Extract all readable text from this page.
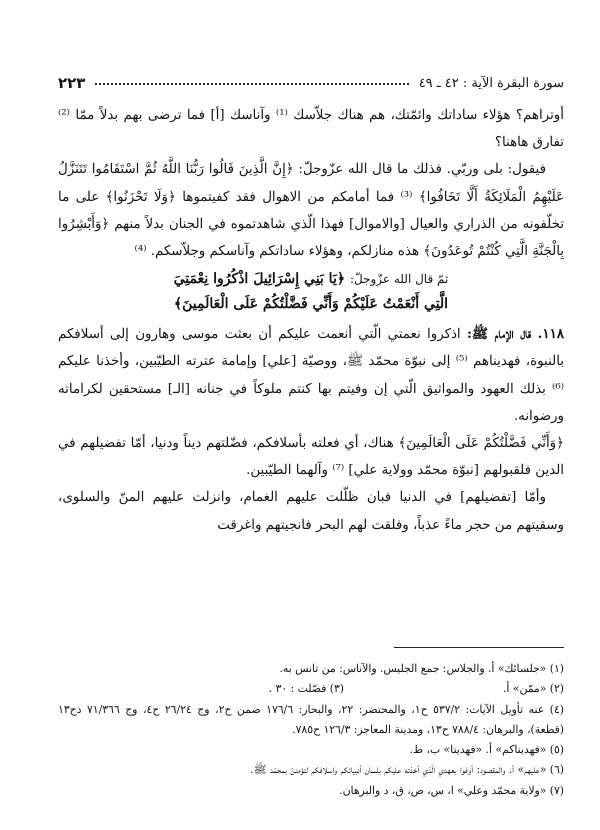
٢٢٣	سورة البقرة الآية : ٤٢ ـ ٤٩

أوتراهم؟ هؤلاء ساداتك وائمّتك، هم هناك جلاّسك ⁽¹⁾ وآناسك [أ] فما ترضى بهم بدلاً ممّا ⁽²⁾ تفارق هاهنا؟

فيقول: بلى وربّي. فذلك ما قال الله عزّوجلّ: ﴿إِنَّ الَّذِينَ قَالُوا رَبُّنَا اللَّهُ ثُمَّ اسْتَقَامُوا تَتَنَزَّلُ عَلَيْهِمُ الْمَلَائِكَةُ أَلَّا تَخَافُوا﴾ ⁽³⁾ فما أمامكم من الاهوال فقد كفيتموها ﴿وَلَا تَحْزَنُوا﴾ على ما تخلّفونه من الذراري والعيال [والاموال] فهذا الّذي شاهدتموه في الجنان بدلاً منهم ﴿وَأَبْشِرُوا بِالْجَنَّةِ الَّتِي كُنْتُمْ تُوعَدُونَ﴾ هذه منازلكم، وهؤلاء ساداتكم وآناسكم وجلاّسكم. ⁽⁴⁾

ثمّ قال الله عزّوجلّ: ﴿يَا بَنِي إِسْرَائِيلَ اذْكُرُوا نِعْمَتِيَ
الَّتِي أَنْعَمْتُ عَلَيْكُمْ وَأَنِّي فَضَّلْتُكُمْ عَلَى الْعَالَمِينَ﴾

١١٨. قال الإمام ﷺ: اذكروا نعمتي الّتي أنعمت عليكم أن بعثت موسى وهارون إلى أسلافكم بالنبوة، فهديناهم ⁽⁵⁾ إلى نبوّة محمّد ﷺ، ووصيّة [علي] وإمامة عترته الطيّبين، وأخذنا عليكم ⁽⁶⁾ بذلك العهود والمواثيق الّتي إن وفيتم بها كنتم ملوكاً في جنانه [الـ] مستحقين لكراماته ورضوانه.

﴿وَأَنِّي فَضَّلْتُكُمْ عَلَى الْعَالَمِينَ﴾ هناك، أي فعلته بأسلافكم، فضّلتهم ديناً ودنيا، أمّا تفضيلهم في الدين فلقبولهم [نبوّة محمّد وولاية علي] ⁽⁷⁾ وآلهما الطيّبين.

وأمّا [تفضيلهم] في الدنيا فبان ظلّلت عليهم الغمام، وانزلت عليهم المنّ والسلوى، وسقيتهم من حجر ماءً عذباً، وفلقت لهم البحر فانجيتهم واغرقت

(١) «جلسائك» أ. والجلاس: جمع الجليس. والآناس: من تانس به.

(٢) «ممّن» أ.
(٣) فصّلت : ٣٠ .

(٤) عنه تأويل الآيات: ٥٣٧/٢ ح١، والمحتضر: ٢٢، والبحار: ١٧٦/٦ ضمن ح٢، وج ٢٦/٢٤ ح٤، وج ٧١/٣٦٦ ذح١٣ (قطعة)، والبرهان: ٧٨٨/٤ ح١٣، ومدينة المعاجز: ١٢٦/٣ ح٧٨٥.

(٥) «فهديناكم» أ. «فهدينا» ب، ط.

(٦) «عليهم» أ. والمقصود: أوفوا بعهدي الّذي أخذته عليكم بلسان أنبيائكم واسلافكم لتؤمننّ بمحمّد ﷺ.

(٧) «ولاية محمّد وعلي» ا، س، ص، ق، د والبرهان.
